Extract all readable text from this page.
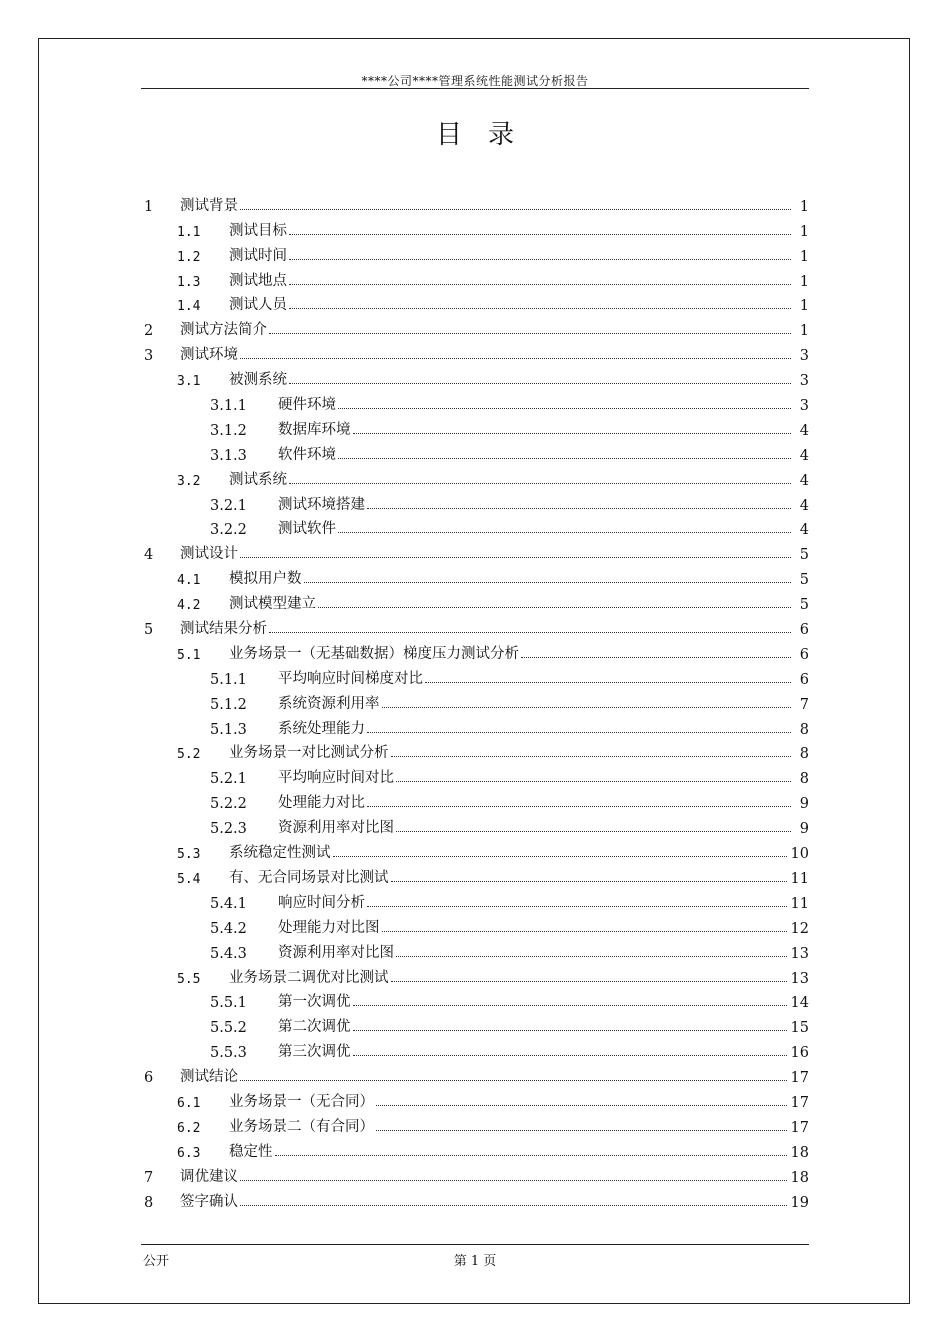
****公司****管理系统性能测试分析报告
目录
1	测试背景	1
1.1	测试目标	1
1.2	测试时间	1
1.3	测试地点	1
1.4	测试人员	1
2	测试方法简介	1
3	测试环境	3
3.1	被测系统	3
3.1.1	硬件环境	3
3.1.2	数据库环境	4
3.1.3	软件环境	4
3.2	测试系统	4
3.2.1	测试环境搭建	4
3.2.2	测试软件	4
4	测试设计	5
4.1	模拟用户数	5
4.2	测试模型建立	5
5	测试结果分析	6
5.1	业务场景一（无基础数据）梯度压力测试分析	6
5.1.1	平均响应时间梯度对比	6
5.1.2	系统资源利用率	7
5.1.3	系统处理能力	8
5.2	业务场景一对比测试分析	8
5.2.1	平均响应时间对比	8
5.2.2	处理能力对比	9
5.2.3	资源利用率对比图	9
5.3	系统稳定性测试	10
5.4	有、无合同场景对比测试	11
5.4.1	响应时间分析	11
5.4.2	处理能力对比图	12
5.4.3	资源利用率对比图	13
5.5	业务场景二调优对比测试	13
5.5.1	第一次调优	14
5.5.2	第二次调优	15
5.5.3	第三次调优	16
6	测试结论	17
6.1	业务场景一（无合同）	17
6.2	业务场景二（有合同）	17
6.3	稳定性	18
7	调优建议	18
8	签字确认	19
公开	第 1 页
